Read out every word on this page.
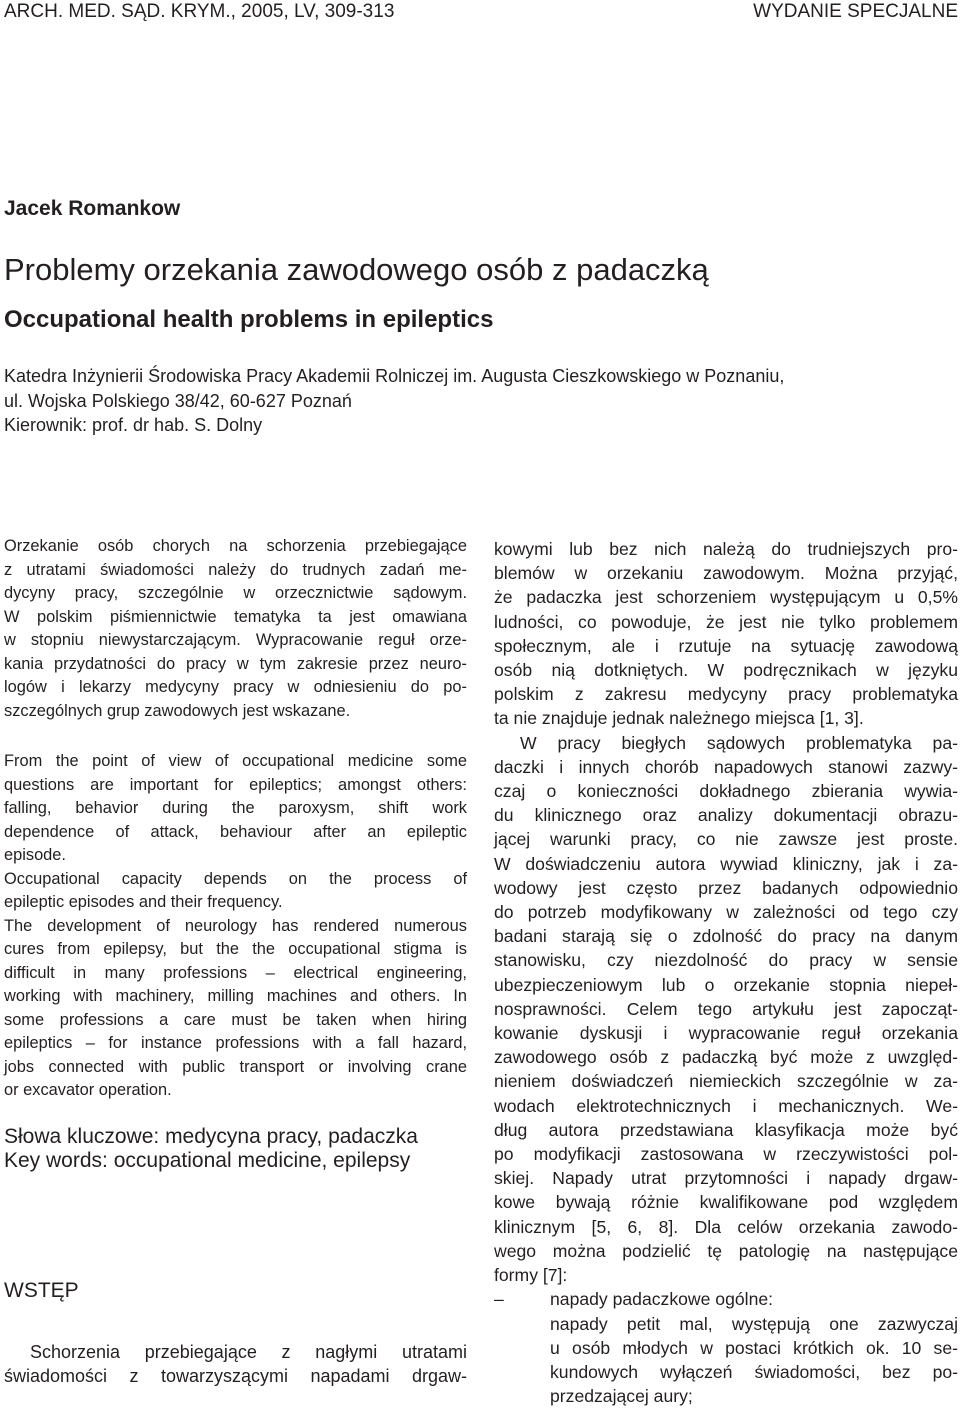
ARCH. MED. SĄD. KRYM., 2005, LV, 309-313	WYDANIE SPECJALNE
Jacek Romankow
Problemy orzekania zawodowego osób z padaczką
Occupational health problems in epileptics
Katedra Inżynierii Środowiska Pracy Akademii Rolniczej im. Augusta Cieszkowskiego w Poznaniu,
ul. Wojska Polskiego 38/42, 60-627 Poznań
Kierownik: prof. dr hab. S. Dolny
Orzekanie osób chorych na schorzenia przebiegające
z utratami świadomości należy do trudnych zadań me-
dycyny pracy, szczególnie w orzecznictwie sądowym.
W polskim piśmiennictwie tematyka ta jest omawiana
w stopniu niewystarczającym. Wypracowanie reguł orze-
kania przydatności do pracy w tym zakresie przez neuro-
logów i lekarzy medycyny pracy w odniesieniu do po-
szczególnych grup zawodowych jest wskazane.
From the point of view of occupational medicine some
questions are important for epileptics; amongst others:
falling, behavior during the paroxysm, shift work
dependence of attack, behaviour after an epileptic
episode.
Occupational capacity depends on the process of
epileptic episodes and their frequency.
The development of neurology has rendered numerous
cures from epilepsy, but the the occupational stigma is
difficult in many professions – electrical engineering,
working with machinery, milling machines and others. In
some professions a care must be taken when hiring
epileptics – for instance professions with a fall hazard,
jobs connected with public transport or involving crane
or excavator operation.
Słowa kluczowe: medycyna pracy, padaczka
Key words: occupational medicine, epilepsy
WSTĘP
Schorzenia przebiegające z nagłymi utratami
świadomości z towarzyszącymi napadami drgaw-
kowymi lub bez nich należą do trudniejszych pro-
blemów w orzekaniu zawodowym. Można przyjąć,
że padaczka jest schorzeniem występującym u 0,5%
ludności, co powoduje, że jest nie tylko problemem
społecznym, ale i rzutuje na sytuację zawodową
osób nią dotkniętych. W podręcznikach w języku
polskim z zakresu medycyny pracy problematyka
ta nie znajduje jednak należnego miejsca [1, 3].
W pracy biegłych sądowych problematyka pa-
daczki i innych chorób napadowych stanowi zazwy-
czaj o konieczności dokładnego zbierania wywia-
du klinicznego oraz analizy dokumentacji obrazu-
jącej warunki pracy, co nie zawsze jest proste.
W doświadczeniu autora wywiad kliniczny, jak i za-
wodowy jest często przez badanych odpowiednio
do potrzeb modyfikowany w zależności od tego czy
badani starają się o zdolność do pracy na danym
stanowisku, czy niezdolność do pracy w sensie
ubezpieczeniowym lub o orzekanie stopnia niepeł-
nosprawności. Celem tego artykułu jest zapocząt-
kowanie dyskusji i wypracowanie reguł orzekania
zawodowego osób z padaczką być może z uwzględ-
nieniem doświadczeń niemieckich szczególnie w za-
wodach elektrotechnicznych i mechanicznych. We-
dług autora przedstawiana klasyfikacja może być
po modyfikacji zastosowana w rzeczywistości pol-
skiej. Napady utrat przytomności i napady drgaw-
kowe bywają różnie kwalifikowane pod względem
klinicznym [5, 6, 8]. Dla celów orzekania zawodo-
wego można podzielić tę patologię na następujące
formy [7]:
–	napady padaczkowe ogólne:
napady petit mal, występują one zazwyczaj
u osób młodych w postaci krótkich ok. 10 se-
kundowych wyłączeń świadomości, bez po-
przedzającej aury;
